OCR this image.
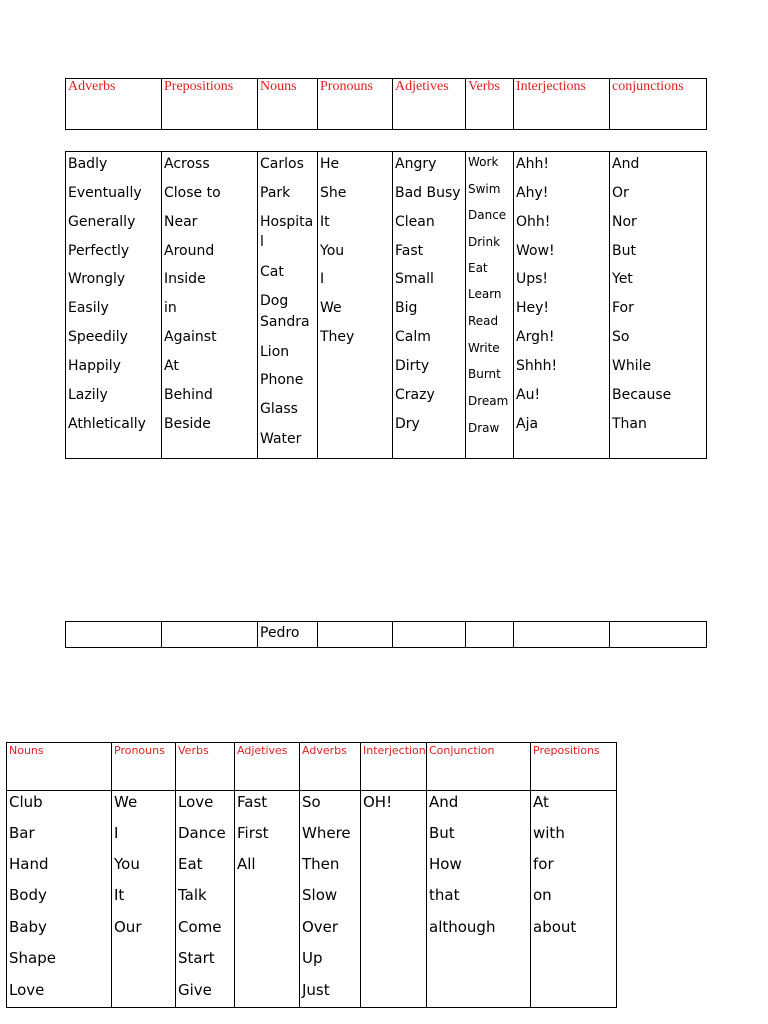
Adverbs	Prepositions Nouns Pronouns Adjetives Verbs Interjections conjunctions
Badly
Eventually
Generally
Perfectly
Wrongly
Easily
Speedily
Happily
Lazily
Athletically
Across
Close to
Near
Around
Inside
in
Against
At
Behind
Beside
Carlos
Park
Hospita
l
Cat
Dog
Sandra
Lion
Phone
Glass
Water
He
She
It
You
I
We
They
Angry
Bad Busy
Clean
Fast
Small
Big
Calm
Dirty
Crazy
Dry
Work
Swim
Dance
Drink
Eat
Learn
Read
Write
Burnt
Dream
Draw
Ahh!
Ahy!
Ohh!
Wow!
Ups!
Hey!
Argh!
Shhh!
Au!
Aja
And
Or
Nor
But
Yet
For
So
While
Because
Than
Pedro
Nouns
Club
Bar
Hand
Body
Baby
Shape
Love
Pronouns
We
I
You
It
Our
Verbs
Love
Dance
Eat
Talk
Come
Start
Give
Adjetives
Fast
First
All
Adverbs
So
Where
Then
Slow
Over
Up
Just
Interjection
OH!
Conjunction
And
But
How
that
although
Prepositions
At
with
for
on
about
